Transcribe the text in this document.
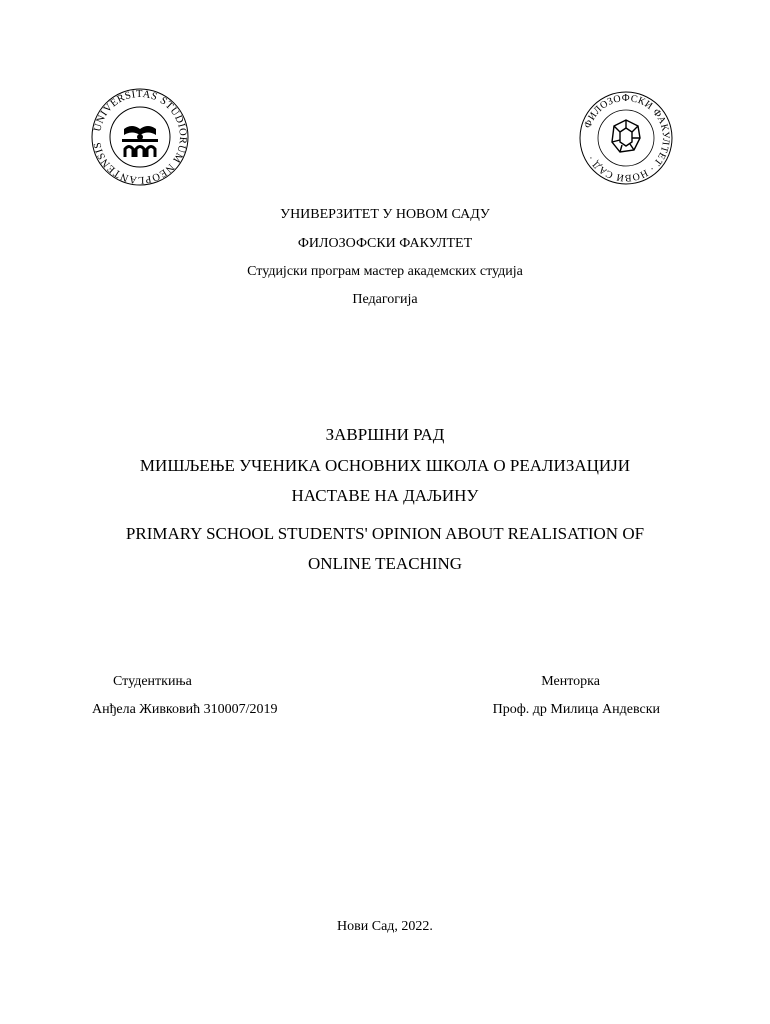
UNIVERSITAS STUDIORUM NEOPLANTENSIS
ФИЛОЗОФСКИ ФАКУЛТЕТ · НОВИ САД ·
УНИВЕРЗИТЕТ У НОВОМ САДУ
ФИЛОЗОФСКИ ФАКУЛТЕТ
Студијски програм мастер академских студија
Педагогија
ЗАВРШНИ РАД
МИШЉЕЊЕ УЧЕНИКА ОСНОВНИХ ШКОЛА О РЕАЛИЗАЦИЈИ
НАСТАВЕ НА ДАЉИНУ
PRIMARY SCHOOL STUDENTS' OPINION ABOUT REALISATION OF
ONLINE TEACHING
Студенткиња
Анђела Живковић 310007/2019
Менторка
Проф. др Милица Андевски
Нови Сад, 2022.
